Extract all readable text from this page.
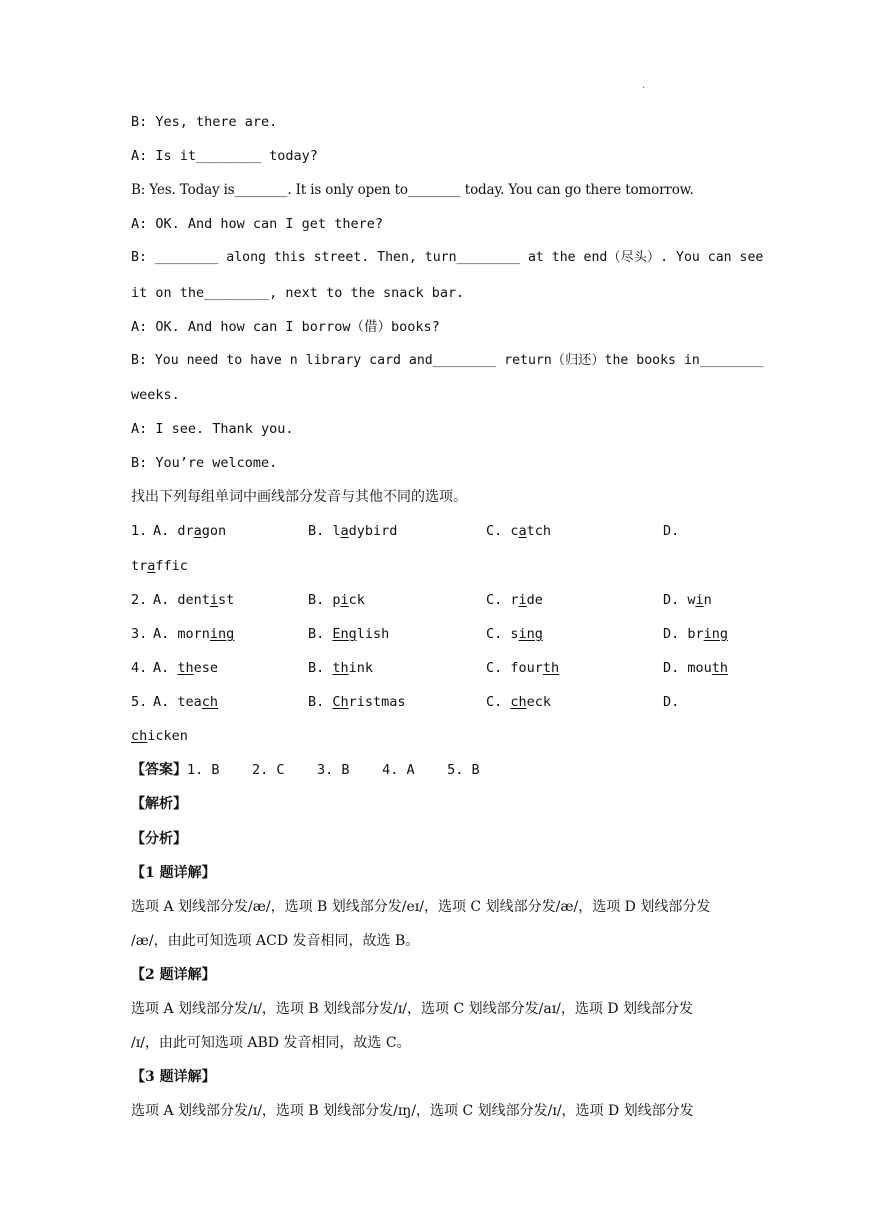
.
B: Yes, there are.
A: Is it________ today?
B: Yes. Today is________. It is only open to________ today. You can go there tomorrow.
A: OK. And how can I get there?
B: ________ along this street. Then, turn________ at the end（尽头）. You can see
it on the________, next to the snack bar.
A: OK. And how can I borrow（借）books?
B: You need to have n library card and________ return（归还）the books in________
weeks.
A: I see. Thank you.
B: You’re welcome.
找出下列每组单词中画线部分发音与其他不同的选项。
1. A. dragon	B. ladybird	C. catch	D.
traffic
2. A. dentist	B. pick	C. ride	D. win
3. A. morning	B. English	C. sing	D. bring
4. A. these	B. think	C. fourth	D. mouth
5. A. teach	B. Christmas	C. check	D.
chicken
【答案】1. B    2. C    3. B    4. A    5. B
【解析】
【分析】
【1 题详解】
选项 A 划线部分发/æ/，选项 B 划线部分发/eɪ/，选项 C 划线部分发/æ/，选项 D 划线部分发
/æ/，由此可知选项 ACD 发音相同，故选 B。
【2 题详解】
选项 A 划线部分发/ɪ/，选项 B 划线部分发/ɪ/，选项 C 划线部分发/aɪ/，选项 D 划线部分发
/ɪ/，由此可知选项 ABD 发音相同，故选 C。
【3 题详解】
选项 A 划线部分发/ɪ/，选项 B 划线部分发/ɪŋ/，选项 C 划线部分发/ɪ/，选项 D 划线部分发
